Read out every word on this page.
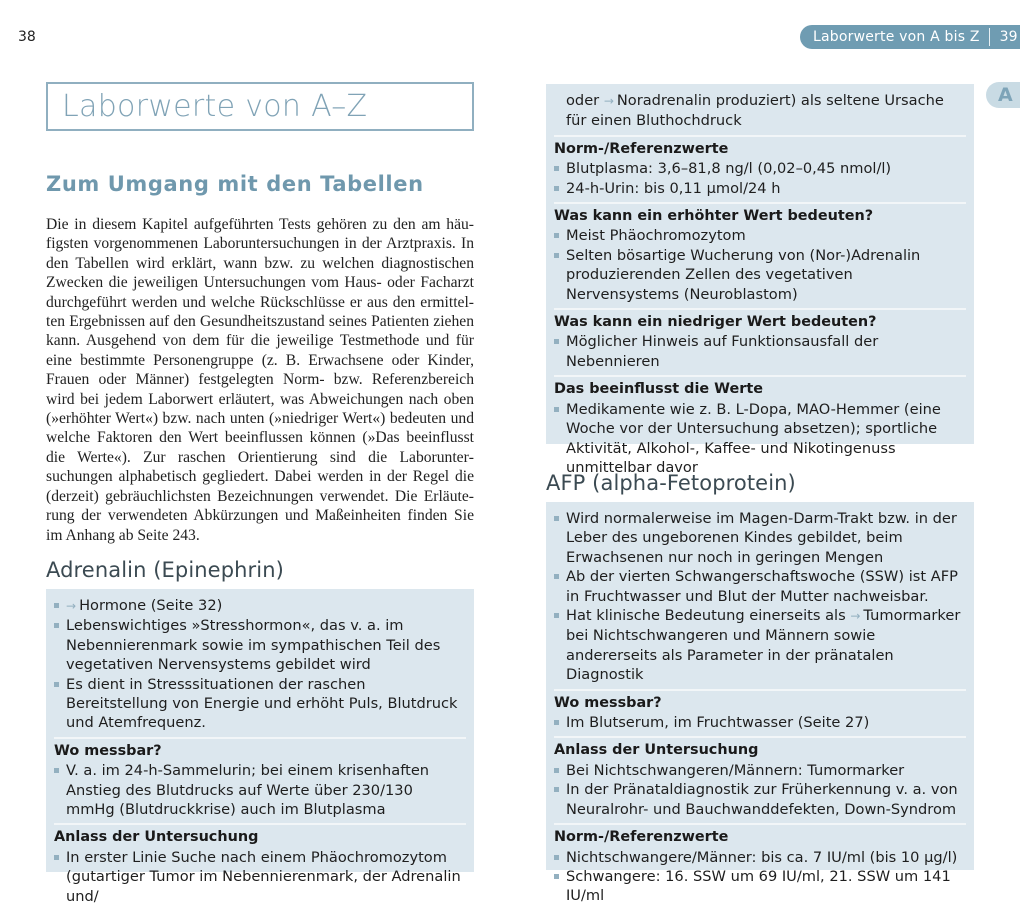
38	Laborwerte von A bis Z 39
A
Laborwerte von A–Z
Zum Umgang mit den Tabellen
Die in diesem Kapitel aufgeführten Tests gehören zu den am häufigsten vorgenommenen Laboruntersuchungen in der Arztpraxis. In den Tabellen wird erklärt, wann bzw. zu welchen diagnostischen Zwecken die jeweiligen Untersuchungen vom Haus- oder Facharzt durchgeführt werden und welche Rückschlüsse er aus den ermittelten Ergebnissen auf den Gesundheitszustand seines Patienten ziehen kann. Ausgehend von dem für die jeweilige Testmethode und für eine bestimmte Personengruppe (z. B. Erwachsene oder Kinder, Frauen oder Männer) festgelegten Norm- bzw. Referenzbereich wird bei jedem Laborwert erläutert, was Abweichungen nach oben (»erhöhter Wert«) bzw. nach unten (»niedriger Wert«) bedeuten und welche Faktoren den Wert beeinflussen können (»Das beeinflusst die Werte«). Zur raschen Orientierung sind die Laboruntersuchungen alphabetisch gegliedert. Dabei werden in der Regel die (derzeit) gebräuchlichsten Bezeichnungen verwendet. Die Erläuterung der verwendeten Abkürzungen und Maßeinheiten finden Sie im Anhang ab Seite 243.
Adrenalin (Epinephrin)
→ Hormone (Seite 32)
Lebenswichtiges »Stresshormon«, das v. a. im Nebennierenmark sowie im sympathischen Teil des vegetativen Nervensystems gebildet wird
Es dient in Stresssituationen der raschen Bereitstellung von Energie und erhöht Puls, Blutdruck und Atemfrequenz.
Wo messbar?
V. a. im 24-h-Sammelurin; bei einem krisenhaften Anstieg des Blutdrucks auf Werte über 230/130 mmHg (Blutdruckkrise) auch im Blutplasma
Anlass der Untersuchung
In erster Linie Suche nach einem Phäochromozytom (gutartiger Tumor im Nebennierenmark, der Adrenalin und/
oder → Noradrenalin produziert) als seltene Ursache für einen Bluthochdruck
Norm-/Referenzwerte
Blutplasma: 3,6–81,8 ng/l (0,02–0,45 nmol/l)
24-h-Urin: bis 0,11 µmol/24 h
Was kann ein erhöhter Wert bedeuten?
Meist Phäochromozytom
Selten bösartige Wucherung von (Nor-)Adrenalin produzierenden Zellen des vegetativen Nervensystems (Neuroblastom)
Was kann ein niedriger Wert bedeuten?
Möglicher Hinweis auf Funktionsausfall der Nebennieren
Das beeinflusst die Werte
Medikamente wie z. B. L-Dopa, MAO-Hemmer (eine Woche vor der Untersuchung absetzen); sportliche Aktivität, Alkohol-, Kaffee- und Nikotingenuss unmittelbar davor
AFP (alpha-Fetoprotein)
Wird normalerweise im Magen-Darm-Trakt bzw. in der Leber des ungeborenen Kindes gebildet, beim Erwachsenen nur noch in geringen Mengen
Ab der vierten Schwangerschaftswoche (SSW) ist AFP in Fruchtwasser und Blut der Mutter nachweisbar.
Hat klinische Bedeutung einerseits als → Tumormarker bei Nichtschwangeren und Männern sowie andererseits als Parameter in der pränatalen Diagnostik
Wo messbar?
Im Blutserum, im Fruchtwasser (Seite 27)
Anlass der Untersuchung
Bei Nichtschwangeren/Männern: Tumormarker
In der Pränataldiagnostik zur Früherkennung v. a. von Neuralrohr- und Bauchwanddefekten, Down-Syndrom
Norm-/Referenzwerte
Nichtschwangere/Männer: bis ca. 7 IU/ml (bis 10 µg/l)
Schwangere: 16. SSW um 69 IU/ml, 21. SSW um 141 IU/ml
